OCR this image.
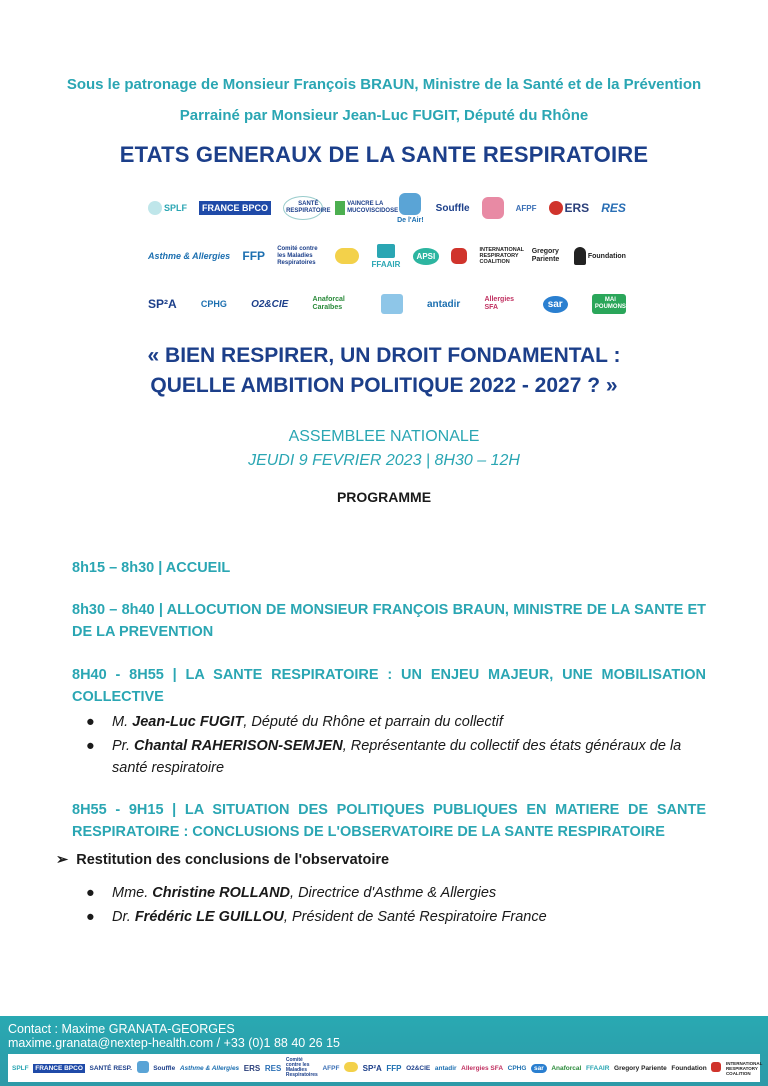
Sous le patronage de Monsieur François BRAUN, Ministre de la Santé et de la Prévention
Parrainé par Monsieur Jean-Luc FUGIT, Député du Rhône
ETATS GENERAUX DE LA SANTE RESPIRATOIRE
SPLF	FRANCE BPCO	SANTÉ RESPIRATOIRE
VAINCRE LA MUCOVISCIDOSE
De l'Air!
Souffle	AFPF ERS RES
Asthme & Allergies FFP
Comité contre les Maladies Respiratoires	FFAAIR
APSI
INTERNATIONAL RESPIRATORY COALITION
Gregory Pariente	Foundation
SP²A	CPHG O2&CIE	Anaforcal Caraïbes	antadir	Allergies SFA	sar	MAI POUMONS
« BIEN RESPIRER, UN DROIT FONDAMENTAL :
QUELLE AMBITION POLITIQUE 2022 - 2027 ? »
ASSEMBLEE NATIONALE
JEUDI 9 FEVRIER 2023 | 8H30 – 12H
PROGRAMME
8h15 – 8h30 | ACCUEIL
8h30 – 8h40 | ALLOCUTION DE MONSIEUR FRANÇOIS BRAUN, MINISTRE DE LA SANTE ET DE LA PREVENTION
8H40 - 8H55 | LA SANTE RESPIRATOIRE : UN ENJEU MAJEUR, UNE MOBILISATION COLLECTIVE
● M. Jean-Luc FUGIT, Député du Rhône et parrain du collectif
● Pr. Chantal RAHERISON-SEMJEN, Représentante du collectif des états généraux de la santé respiratoire
8H55 - 9H15 | LA SITUATION DES POLITIQUES PUBLIQUES EN MATIERE DE SANTE RESPIRATOIRE : CONCLUSIONS DE L'OBSERVATOIRE DE LA SANTE RESPIRATOIRE
➢ Restitution des conclusions de l'observatoire
● Mme. Christine ROLLAND, Directrice d'Asthme & Allergies
● Dr. Frédéric LE GUILLOU, Président de Santé Respiratoire France
Contact : Maxime GRANATA-GEORGES
maxime.granata@nextep-health.com / +33 (0)1 88 40 26 15
SPLF	FRANCE BPCO	SANTÉ RESP.	Souffle Asthme & Allergies ERS RES
Comité contre les Maladies Respiratoires
AFPF	SP²A FFP O2&CIE antadir Allergies SFA CPHG	sar	Anaforcal FFAAIR Gregory Pariente Foundation
INTERNATIONAL RESPIRATORY COALITION
